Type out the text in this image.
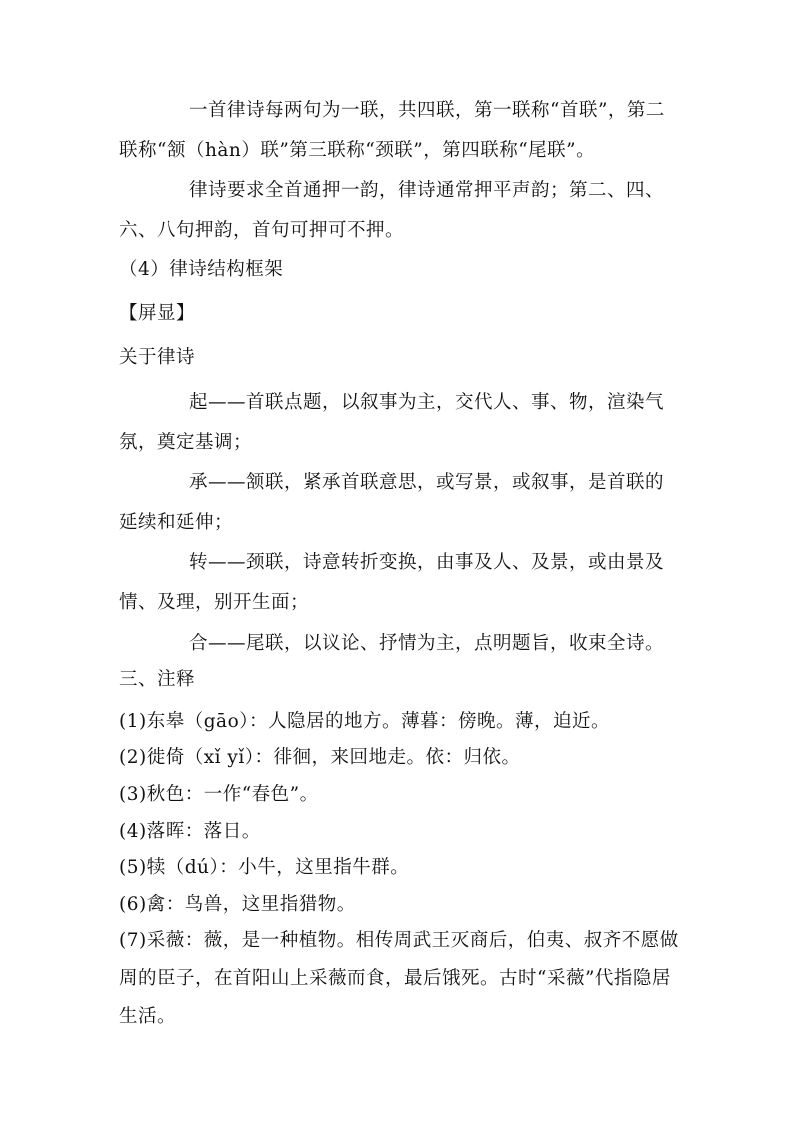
一首律诗每两句为一联，共四联，第一联称“首联”，第二联称“颔（hàn）联”第三联称“颈联”，第四联称“尾联”。

律诗要求全首通押一韵，律诗通常押平声韵；第二、四、六、八句押韵，首句可押可不押。

（4）律诗结构框架

【屏显】

关于律诗

起——首联点题，以叙事为主，交代人、事、物，渲染气氛，奠定基调；

承——颔联，紧承首联意思，或写景，或叙事，是首联的延续和延伸；

转——颈联，诗意转折变换，由事及人、及景，或由景及情、及理，别开生面；

合——尾联，以议论、抒情为主，点明题旨，收束全诗。

三、注释

(1)东皋（gāo）：人隐居的地方。薄暮：傍晚。薄，迫近。

(2)徙倚（xǐ yǐ）：徘徊，来回地走。依：归依。

(3)秋色：一作“春色”。

(4)落晖：落日。

(5)犊（dú）：小牛，这里指牛群。

(6)禽：鸟兽，这里指猎物。

(7)采薇：薇，是一种植物。相传周武王灭商后，伯夷、叔齐不愿做周的臣子，在首阳山上采薇而食，最后饿死。古时“采薇”代指隐居生活。
